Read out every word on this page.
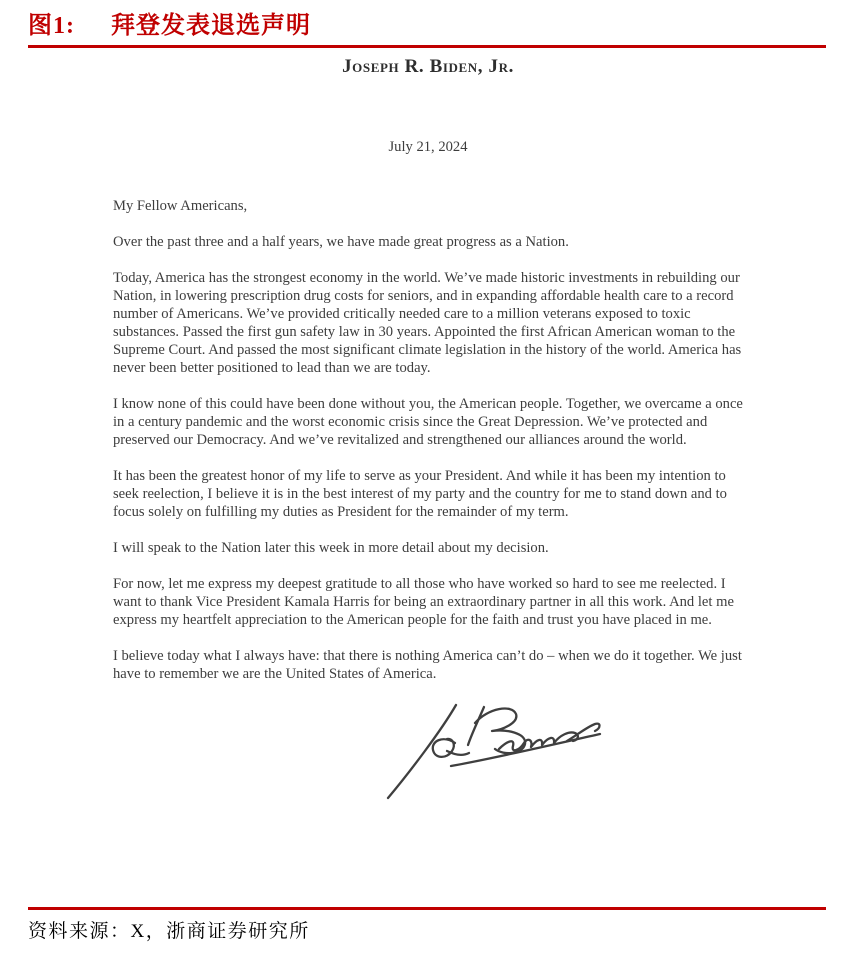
图1: 拜登发表退选声明
Joseph R. Biden, Jr.
July 21, 2024

My Fellow Americans,

Over the past three and a half years, we have made great progress as a Nation.

Today, America has the strongest economy in the world. We’ve made historic investments in rebuilding our Nation, in lowering prescription drug costs for seniors, and in expanding affordable health care to a record number of Americans. We’ve provided critically needed care to a million veterans exposed to toxic substances. Passed the first gun safety law in 30 years. Appointed the first African American woman to the Supreme Court. And passed the most significant climate legislation in the history of the world. America has never been better positioned to lead than we are today.

I know none of this could have been done without you, the American people. Together, we overcame a once in a century pandemic and the worst economic crisis since the Great Depression. We’ve protected and preserved our Democracy. And we’ve revitalized and strengthened our alliances around the world.

It has been the greatest honor of my life to serve as your President. And while it has been my intention to seek reelection, I believe it is in the best interest of my party and the country for me to stand down and to focus solely on fulfilling my duties as President for the remainder of my term.

I will speak to the Nation later this week in more detail about my decision.

For now, let me express my deepest gratitude to all those who have worked so hard to see me reelected. I want to thank Vice President Kamala Harris for being an extraordinary partner in all this work. And let me express my heartfelt appreciation to the American people for the faith and trust you have placed in me.

I believe today what I always have: that there is nothing America can’t do – when we do it together. We just have to remember we are the United States of America.

资料来源：X，浙商证券研究所
